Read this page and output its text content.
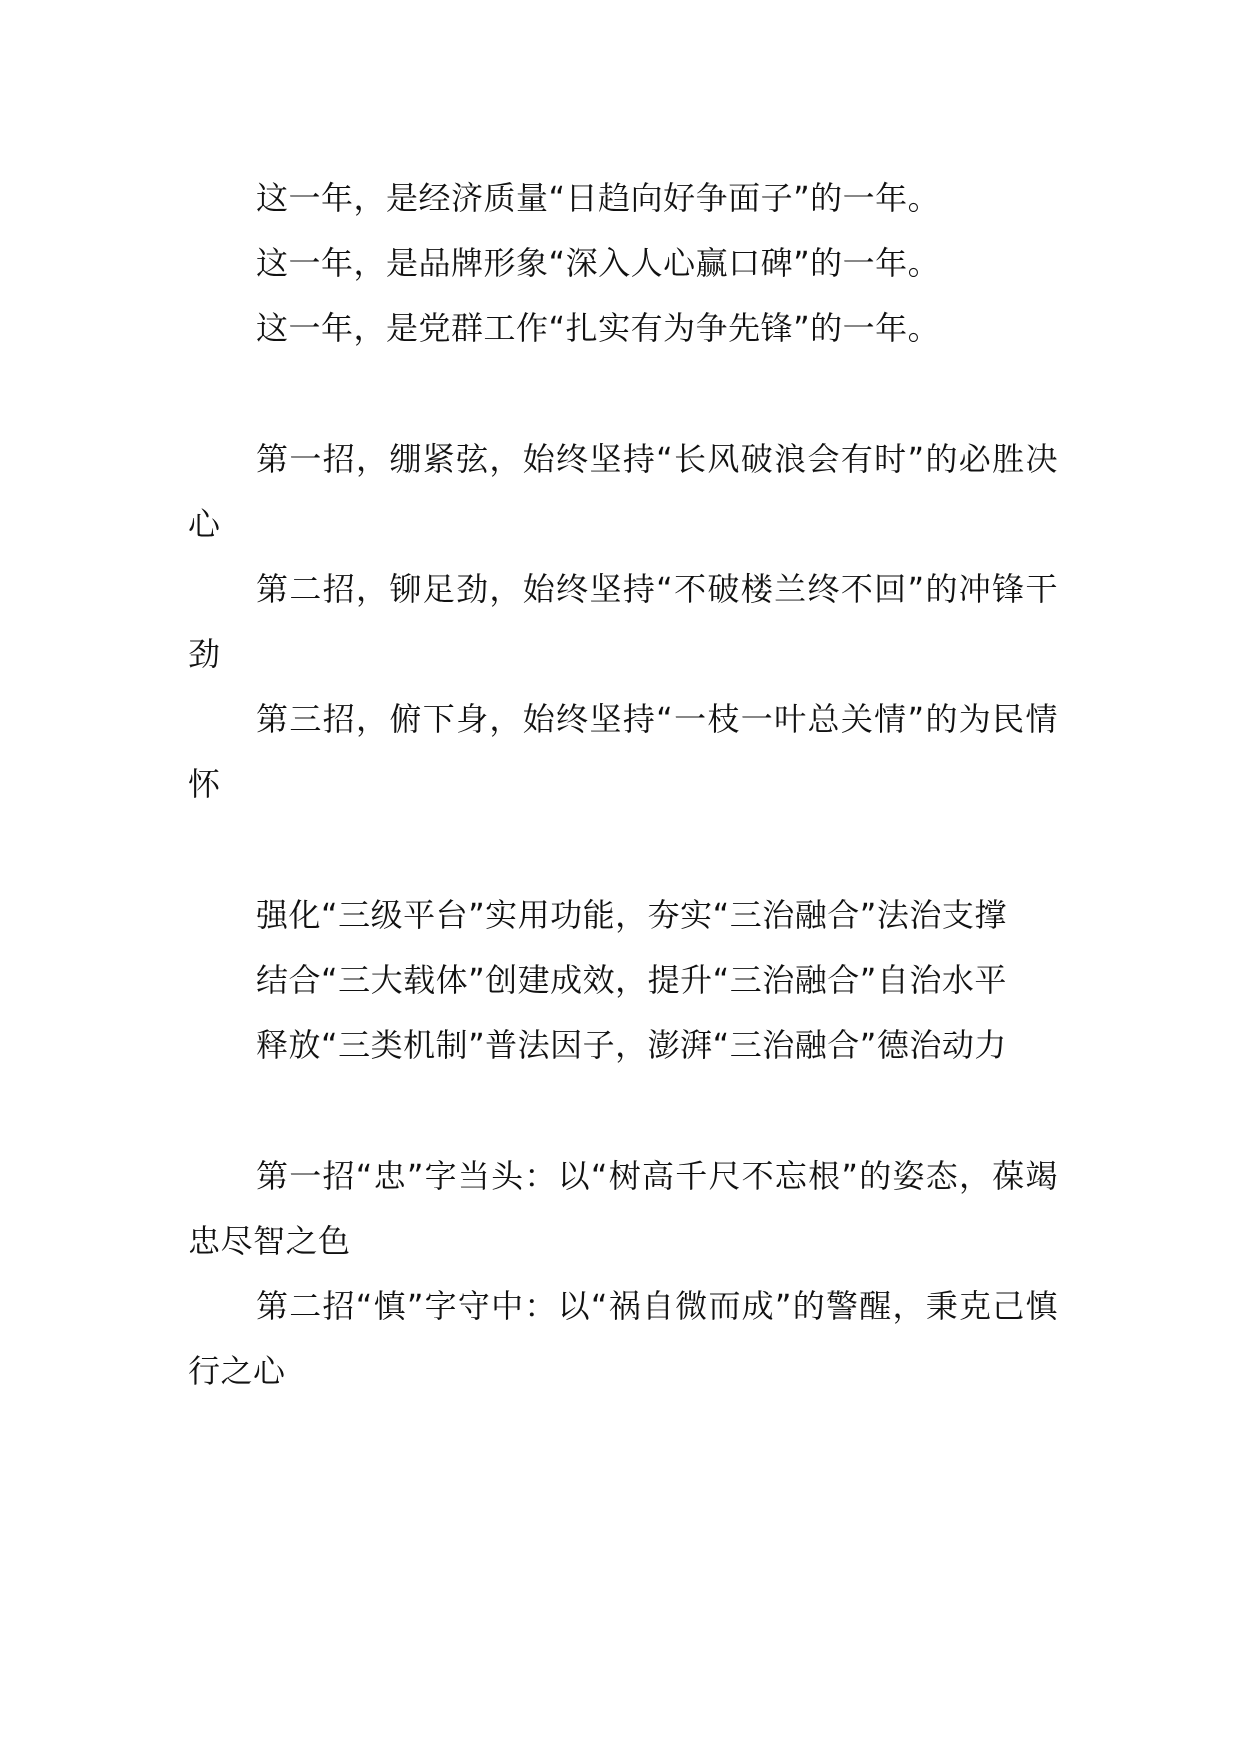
这一年，是经济质量“日趋向好争面子”的一年。

这一年，是品牌形象“深入人心赢口碑”的一年。

这一年，是党群工作“扎实有为争先锋”的一年。

第一招，绷紧弦，始终坚持“长风破浪会有时”的必胜决心

第二招，铆足劲，始终坚持“不破楼兰终不回”的冲锋干劲

第三招，俯下身，始终坚持“一枝一叶总关情”的为民情怀

强化“三级平台”实用功能，夯实“三治融合”法治支撑

结合“三大载体”创建成效，提升“三治融合”自治水平

释放“三类机制”普法因子，澎湃“三治融合”德治动力

第一招“忠”字当头：以“树高千尺不忘根”的姿态，葆竭忠尽智之色

第二招“慎”字守中：以“祸自微而成”的警醒，秉克己慎行之心
